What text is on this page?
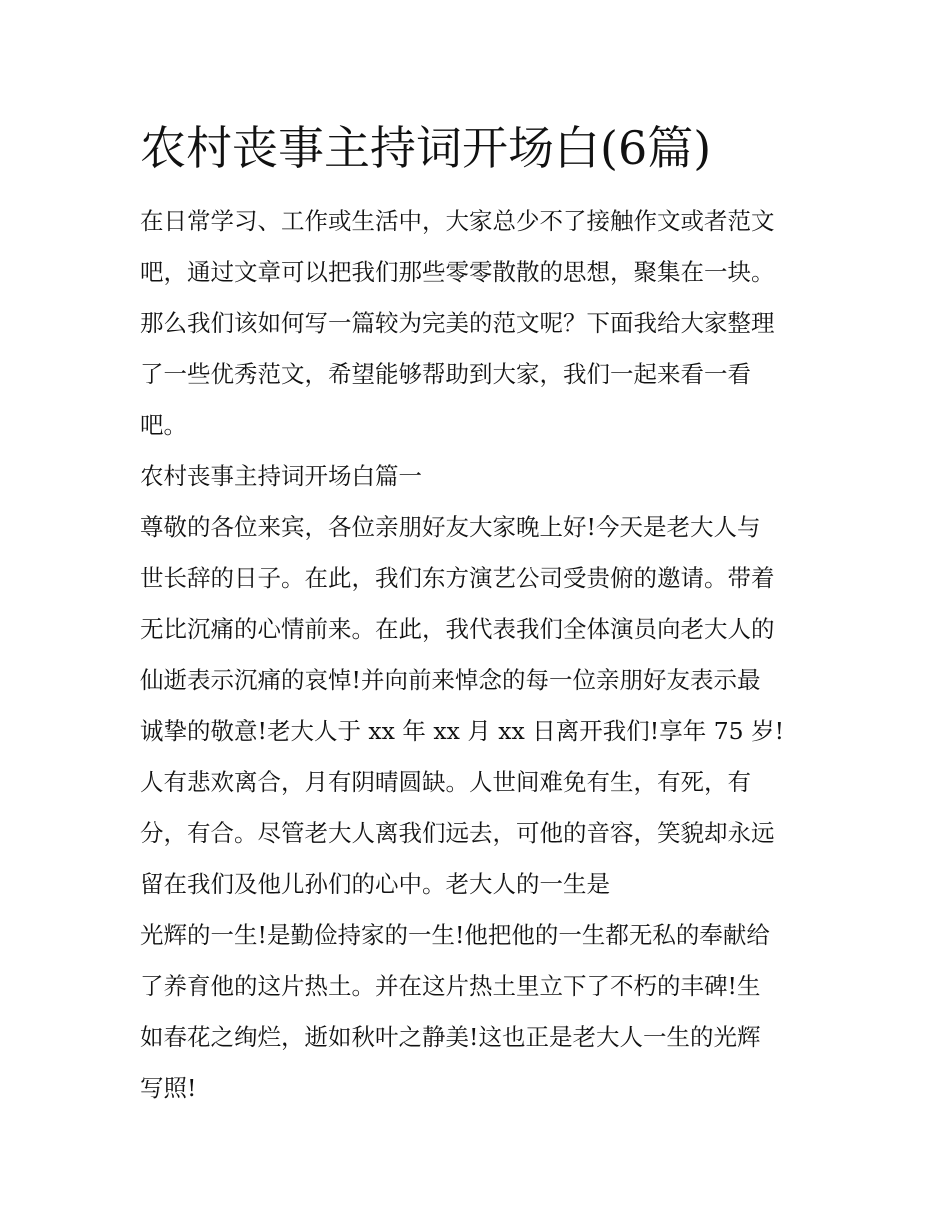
农村丧事主持词开场白(6篇)
在日常学习、工作或生活中，大家总少不了接触作文或者范文
吧，通过文章可以把我们那些零零散散的思想，聚集在一块。
那么我们该如何写一篇较为完美的范文呢？下面我给大家整理
了一些优秀范文，希望能够帮助到大家，我们一起来看一看
吧。
农村丧事主持词开场白篇一
尊敬的各位来宾，各位亲朋好友大家晚上好!今天是老大人与
世长辞的日子。在此，我们东方演艺公司受贵俯的邀请。带着
无比沉痛的心情前来。在此，我代表我们全体演员向老大人的
仙逝表示沉痛的哀悼!并向前来悼念的每一位亲朋好友表示最
诚挚的敬意!老大人于 xx 年 xx 月 xx 日离开我们!享年 75 岁!
人有悲欢离合，月有阴晴圆缺。人世间难免有生，有死，有
分，有合。尽管老大人离我们远去，可他的音容，笑貌却永远
留在我们及他儿孙们的心中。老大人的一生是
光辉的一生!是勤俭持家的一生!他把他的一生都无私的奉献给
了养育他的这片热土。并在这片热土里立下了不朽的丰碑!生
如春花之绚烂，逝如秋叶之静美!这也正是老大人一生的光辉
写照!
